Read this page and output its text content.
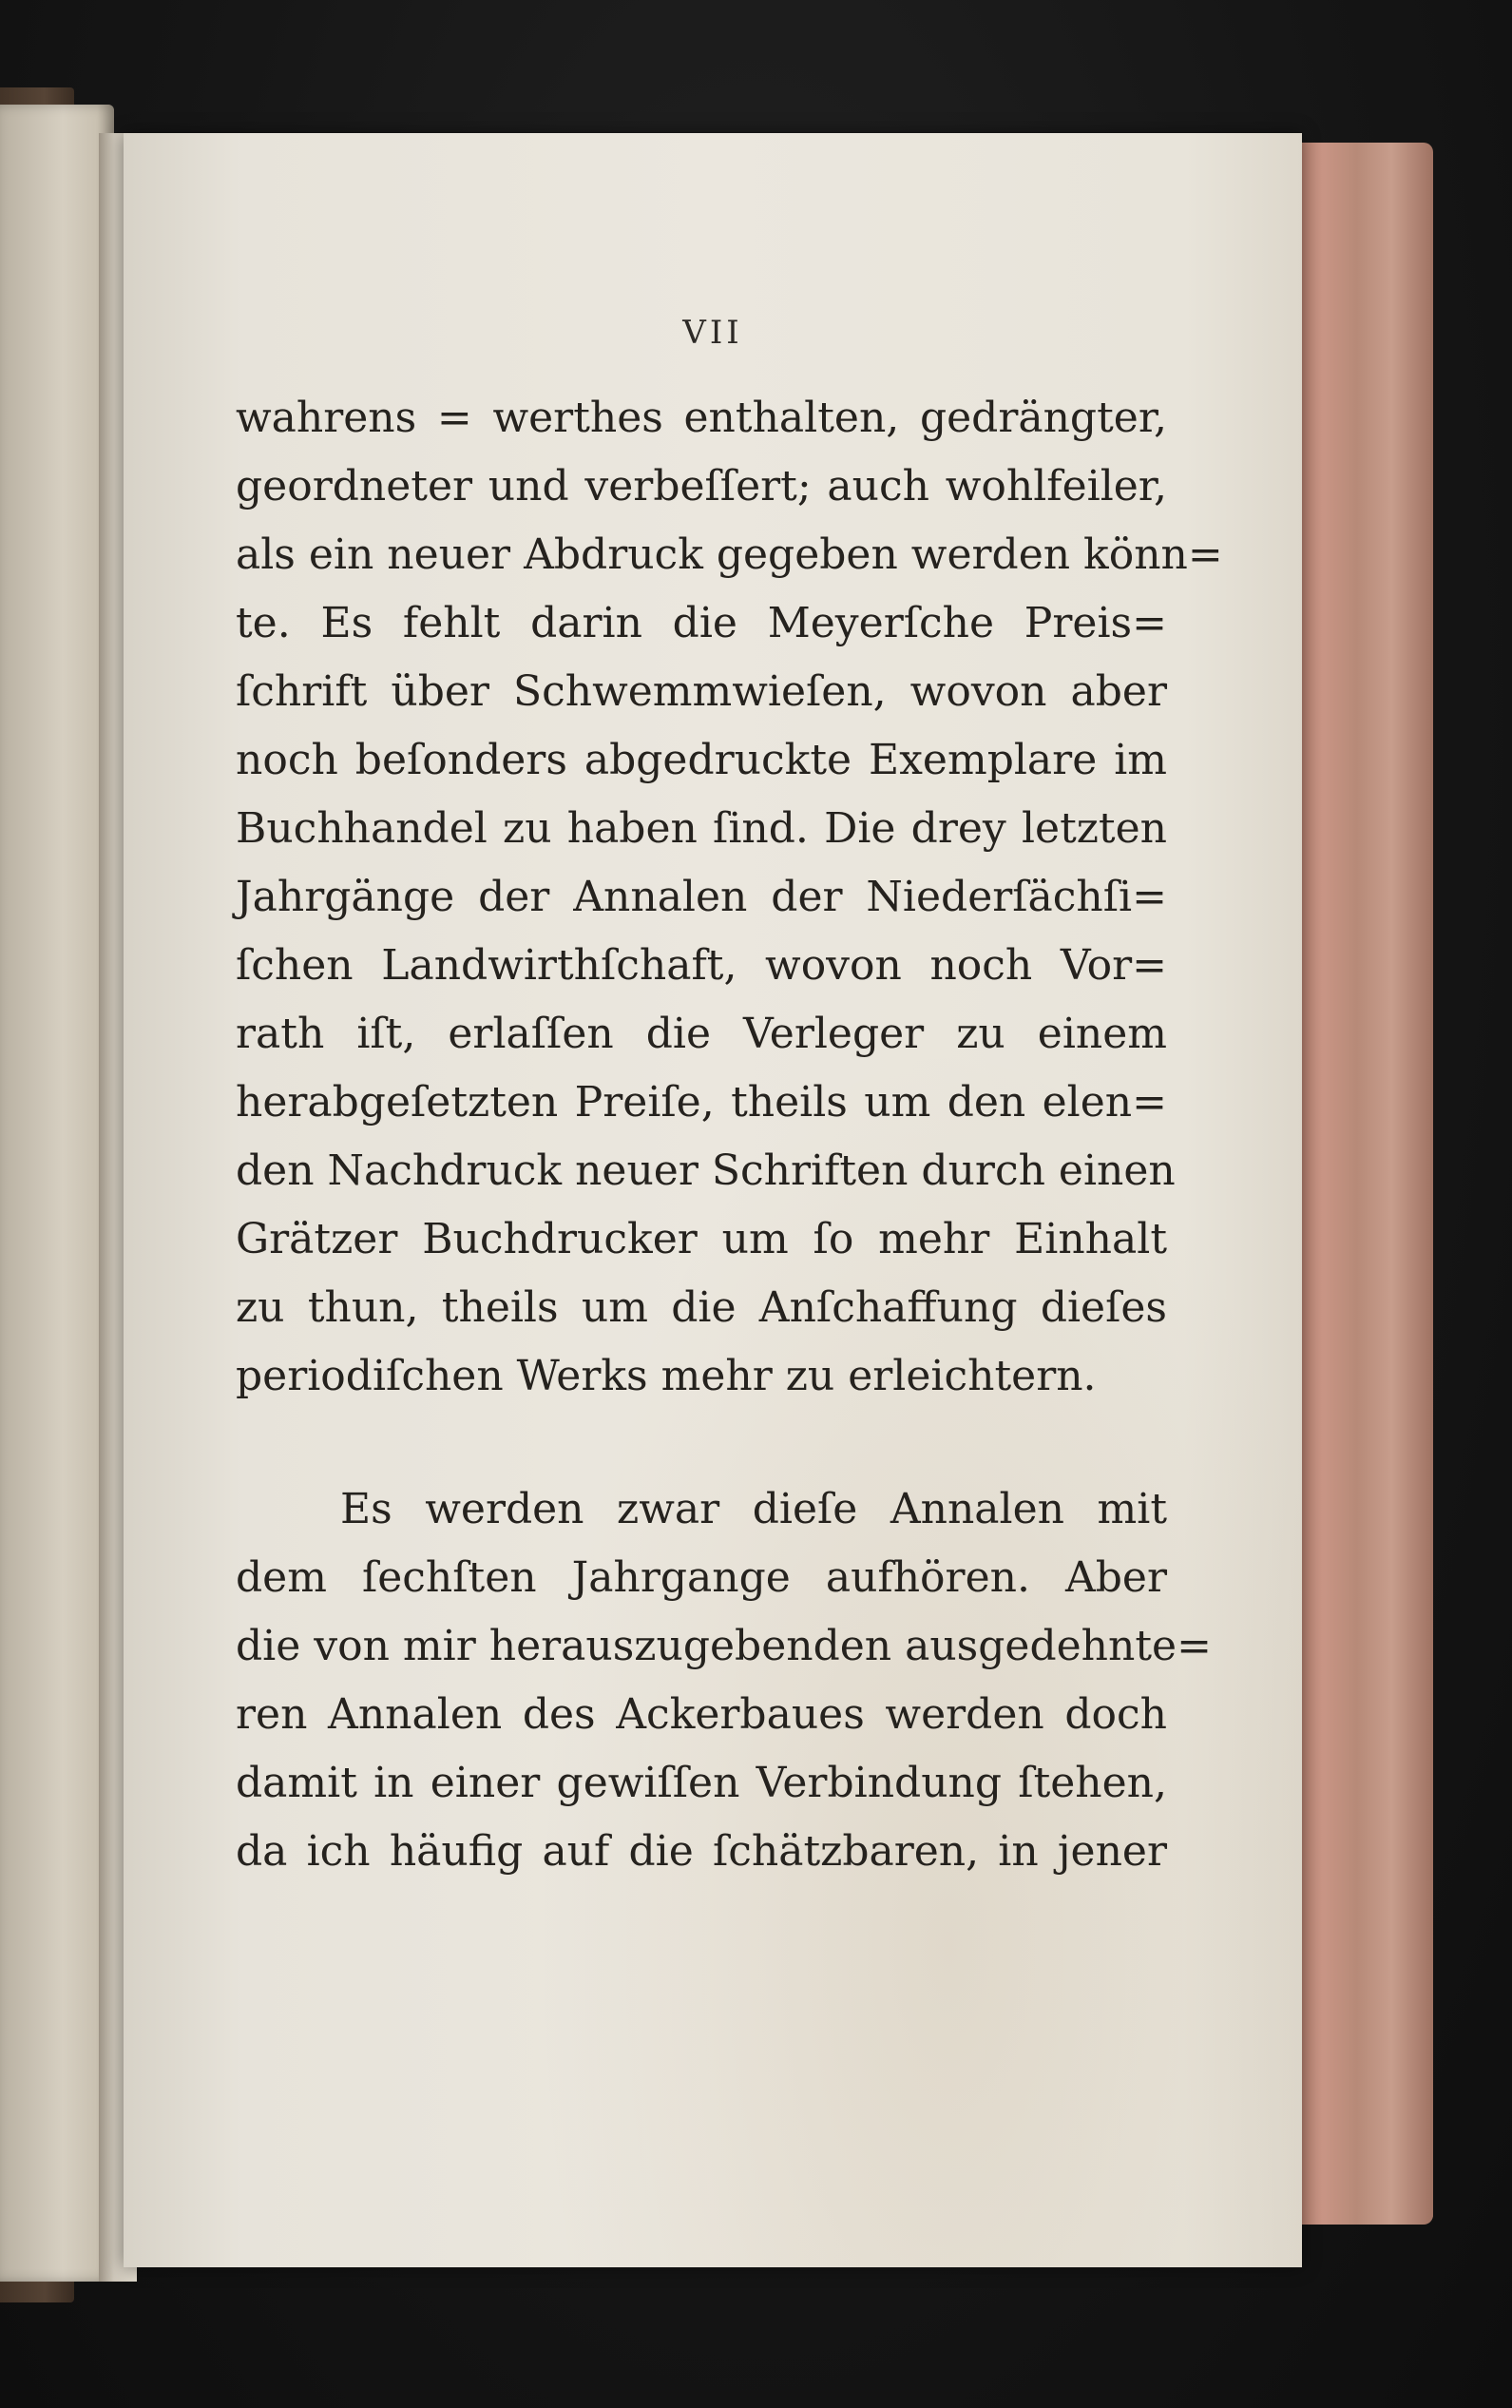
VII
wahrens = werthes enthalten, gedrängter,
geordneter und verbeſſert; auch wohlfeiler,
als ein neuer Abdruck gegeben werden könn=
te. Es fehlt darin die Meyerſche Preis=
ſchrift über Schwemmwieſen, wovon aber
noch beſonders abgedruckte Exemplare im
Buchhandel zu haben ſind. Die drey letzten
Jahrgänge der Annalen der Niederſächſi=
ſchen Landwirthſchaft, wovon noch Vor=
rath iſt, erlaſſen die Verleger zu einem
herabgeſetzten Preiſe, theils um den elen=
den Nachdruck neuer Schriften durch einen
Grätzer Buchdrucker um ſo mehr Einhalt
zu thun, theils um die Anſchaffung dieſes
periodiſchen Werks mehr zu erleichtern.
Es werden zwar dieſe Annalen mit
dem ſechſten Jahrgange aufhören. Aber
die von mir herauszugebenden ausgedehnte=
ren Annalen des Ackerbaues werden doch
damit in einer gewiſſen Verbindung ſtehen,
da ich häufig auf die ſchätzbaren, in jener
